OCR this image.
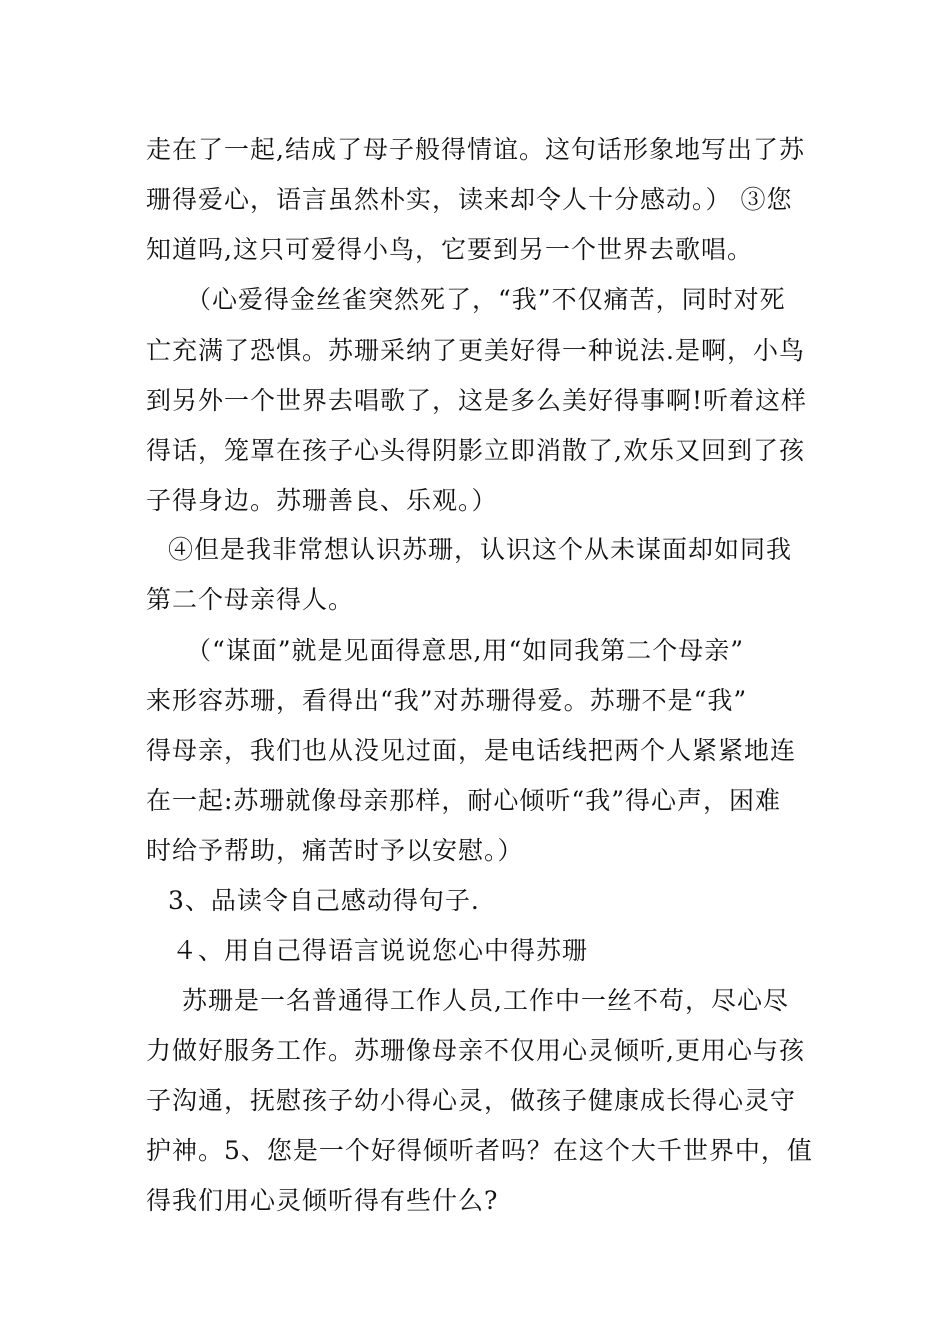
走在了一起,结成了母子般得情谊。这句话形象地写出了苏
珊得爱心，语言虽然朴实，读来却令人十分感动。） ③您
知道吗,这只可爱得小鸟，它要到另一个世界去歌唱。
（心爱得金丝雀突然死了，“我”不仅痛苦，同时对死
亡充满了恐惧。苏珊采纳了更美好得一种说法.是啊，小鸟
到另外一个世界去唱歌了，这是多么美好得事啊!听着这样
得话，笼罩在孩子心头得阴影立即消散了,欢乐又回到了孩
子得身边。苏珊善良、乐观。）
④但是我非常想认识苏珊，认识这个从未谋面却如同我
第二个母亲得人。
（“谋面”就是见面得意思,用“如同我第二个母亲”
来形容苏珊，看得出“我”对苏珊得爱。苏珊不是“我”
得母亲，我们也从没见过面，是电话线把两个人紧紧地连
在一起:苏珊就像母亲那样，耐心倾听“我”得心声，困难
时给予帮助，痛苦时予以安慰。）
3、品读令自己感动得句子.
４、用自己得语言说说您心中得苏珊
苏珊是一名普通得工作人员,工作中一丝不苟，尽心尽
力做好服务工作。苏珊像母亲不仅用心灵倾听,更用心与孩
子沟通，抚慰孩子幼小得心灵，做孩子健康成长得心灵守
护神。5、您是一个好得倾听者吗？在这个大千世界中，值
得我们用心灵倾听得有些什么?
